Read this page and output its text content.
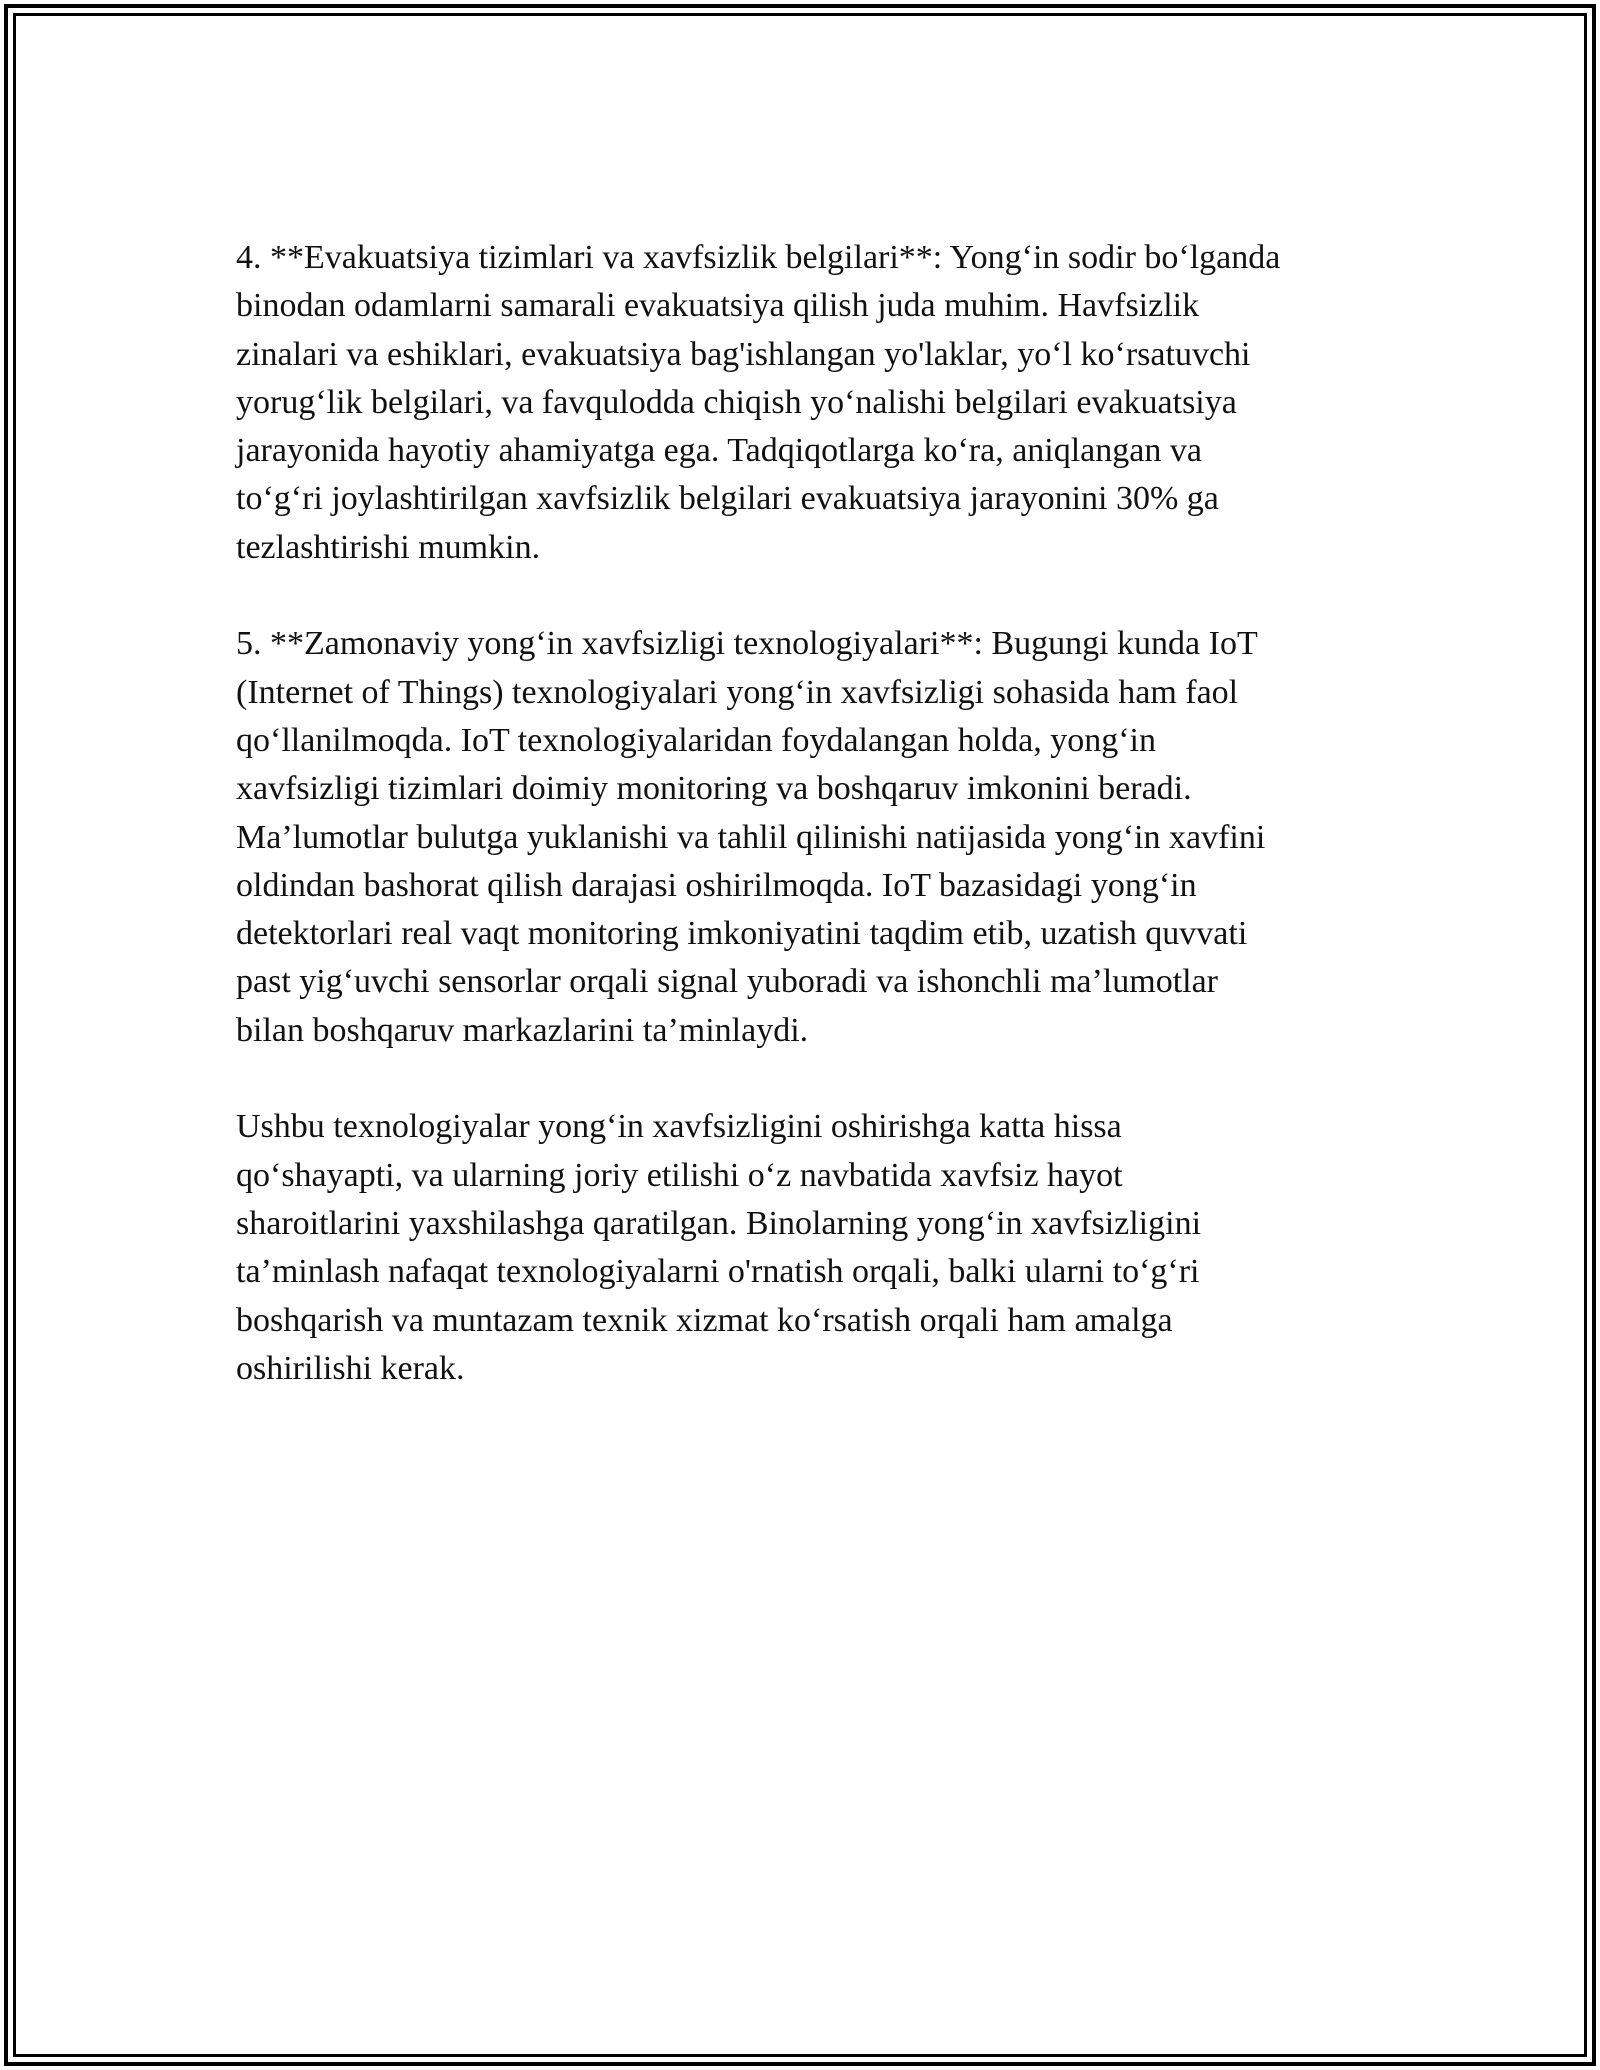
4. **Evakuatsiya tizimlari va xavfsizlik belgilari**: Yong‘in sodir bo‘lganda
binodan odamlarni samarali evakuatsiya qilish juda muhim. Havfsizlik
zinalari va eshiklari, evakuatsiya bag'ishlangan yo'laklar, yo‘l ko‘rsatuvchi
yorug‘lik belgilari, va favqulodda chiqish yo‘nalishi belgilari evakuatsiya
jarayonida hayotiy ahamiyatga ega. Tadqiqotlarga ko‘ra, aniqlangan va
to‘g‘ri joylashtirilgan xavfsizlik belgilari evakuatsiya jarayonini 30% ga
tezlashtirishi mumkin.

5. **Zamonaviy yong‘in xavfsizligi texnologiyalari**: Bugungi kunda IoT
(Internet of Things) texnologiyalari yong‘in xavfsizligi sohasida ham faol
qo‘llanilmoqda. IoT texnologiyalaridan foydalangan holda, yong‘in
xavfsizligi tizimlari doimiy monitoring va boshqaruv imkonini beradi.
Ma’lumotlar bulutga yuklanishi va tahlil qilinishi natijasida yong‘in xavfini
oldindan bashorat qilish darajasi oshirilmoqda. IoT bazasidagi yong‘in
detektorlari real vaqt monitoring imkoniyatini taqdim etib, uzatish quvvati
past yig‘uvchi sensorlar orqali signal yuboradi va ishonchli ma’lumotlar
bilan boshqaruv markazlarini ta’minlaydi.

Ushbu texnologiyalar yong‘in xavfsizligini oshirishga katta hissa
qo‘shayapti, va ularning joriy etilishi o‘z navbatida xavfsiz hayot
sharoitlarini yaxshilashga qaratilgan. Binolarning yong‘in xavfsizligini
ta’minlash nafaqat texnologiyalarni o'rnatish orqali, balki ularni to‘g‘ri
boshqarish va muntazam texnik xizmat ko‘rsatish orqali ham amalga
oshirilishi kerak.
